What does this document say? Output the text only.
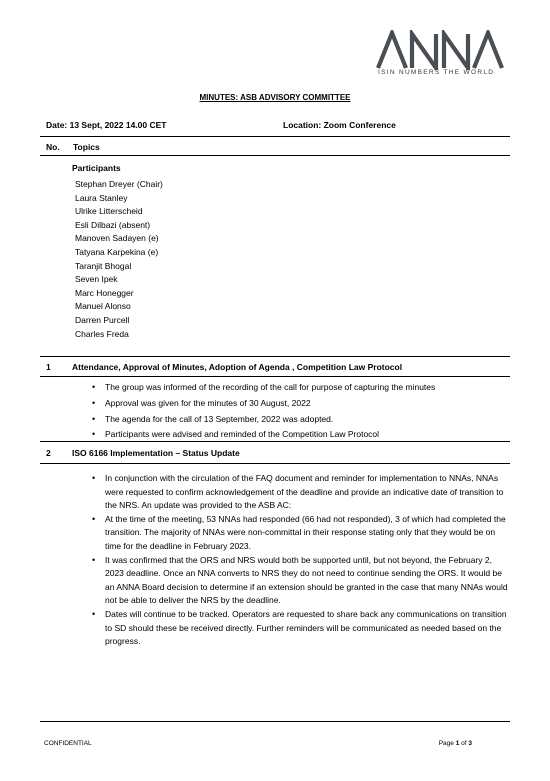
ISIN NUMBERS THE WORLD
MINUTES: ASB ADVISORY COMMITTEE
Date: 13 Sept, 2022 14.00 CET	Location: Zoom Conference
No. Topics
Participants
Stephan Dreyer (Chair)
Laura Stanley
Ulrike Litterscheid
Esli Dilbazi (absent)
Manoven Sadayen (e)
Tatyana Karpekina (e)
Taranjit Bhogal
Seven Ipek
Marc Honegger
Manuel Alonso
Darren Purcell
Charles Freda
1	Attendance, Approval of Minutes, Adoption of Agenda , Competition Law Protocol
• The group was informed of the recording of the call for purpose of capturing the minutes
• Approval was given for the minutes of 30 August, 2022
• The agenda for the call of 13 September, 2022 was adopted.
• Participants were advised and reminded of the Competition Law Protocol
2	ISO 6166 Implementation – Status Update
• In conjunction with the circulation of the FAQ document and reminder for implementation to NNAs, NNAs were requested to confirm acknowledgement of the deadline and provide an indicative date of transition to the NRS. An update was provided to the ASB AC:
• At the time of the meeting, 53 NNAs had responded (66 had not responded), 3 of which had completed the transition. The majority of NNAs were non-committal in their response stating only that they would be on time for the deadline in February 2023.
• It was confirmed that the ORS and NRS would both be supported until, but not beyond, the February 2, 2023 deadline. Once an NNA converts to NRS they do not need to continue sending the ORS. It would be an ANNA Board decision to determine if an extension should be granted in the case that many NNAs would not be able to deliver the NRS by the deadline.
• Dates will continue to be tracked. Operators are requested to share back any communications on transition to SD should these be received directly. Further reminders will be communicated as needed based on the progress.
CONFIDENTIAL	Page 1 of 3
